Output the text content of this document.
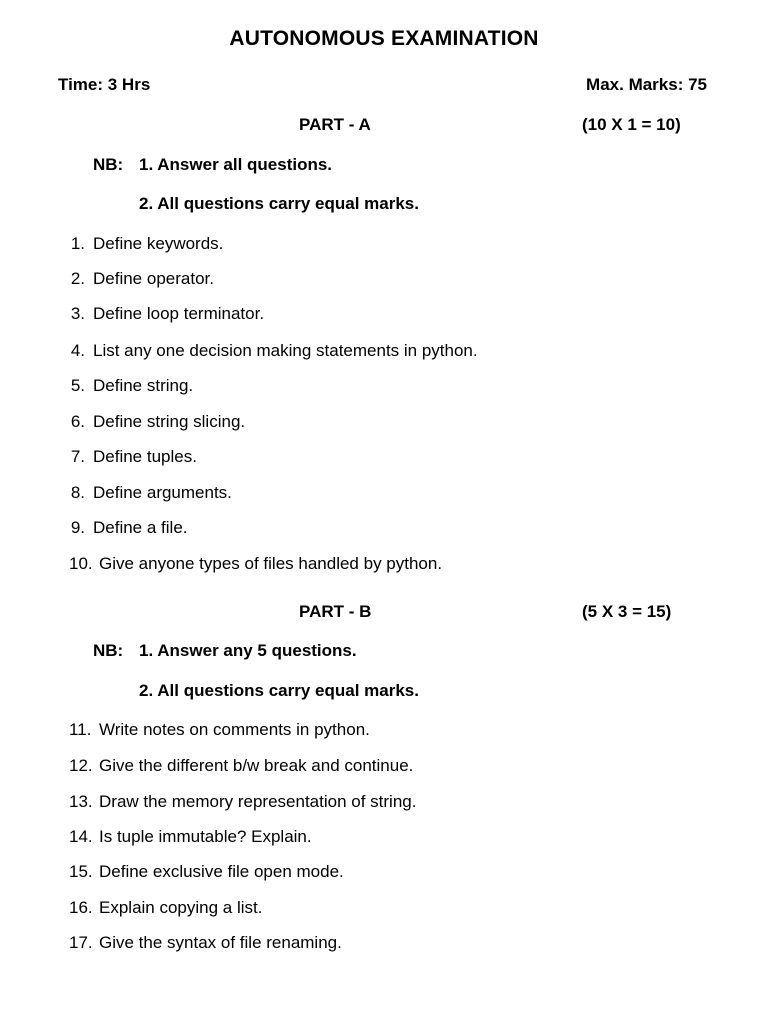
AUTONOMOUS EXAMINATION
Time: 3 Hrs	Max. Marks: 75
PART - A	(10 X 1 = 10)
NB: 1. Answer all questions.
2. All questions carry equal marks.
1. Define keywords.
2. Define operator.
3. Define loop terminator.
4. List any one decision making statements in python.
5. Define string.
6. Define string slicing.
7. Define tuples.
8. Define arguments.
9. Define a file.
10. Give anyone types of files handled by python.
PART - B	(5 X 3 = 15)
NB: 1. Answer any 5 questions.
2. All questions carry equal marks.
11. Write notes on comments in python.
12. Give the different b/w break and continue.
13. Draw the memory representation of string.
14. Is tuple immutable? Explain.
15. Define exclusive file open mode.
16. Explain copying a list.
17. Give the syntax of file renaming.
